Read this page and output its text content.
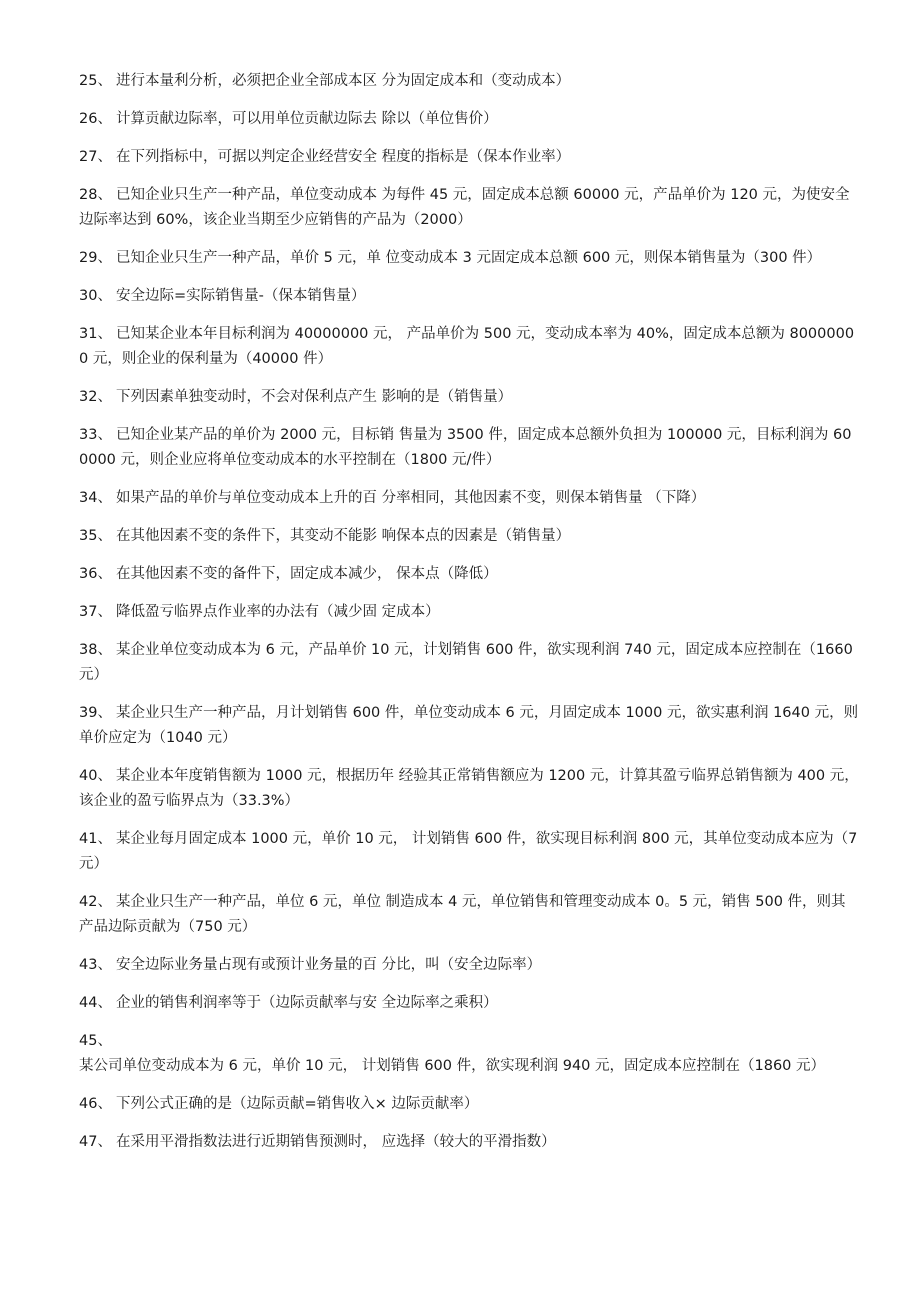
25、 进行本量利分析，必须把企业全部成本区 分为固定成本和（变动成本）

26、 计算贡献边际率，可以用单位贡献边际去 除以（单位售价）

27、 在下列指标中，可据以判定企业经营安全 程度的指标是（保本作业率）

28、 已知企业只生产一种产品，单位变动成本 为每件 45 元，固定成本总额 60000 元，产品单价为 120 元，为使安全边际率达到 60%，该企业当期至少应销售的产品为（2000）

29、 已知企业只生产一种产品，单价 5 元，单 位变动成本 3 元固定成本总额 600 元，则保本销售量为（300 件）

30、 安全边际=实际销售量-（保本销售量）

31、 已知某企业本年目标利润为 40000000 元， 产品单价为 500 元，变动成本率为 40%，固定成本总额为 80000000 元，则企业的保利量为（40000 件）

32、 下列因素单独变动时，不会对保利点产生 影响的是（销售量）

33、 已知企业某产品的单价为 2000 元，目标销 售量为 3500 件，固定成本总额外负担为 100000 元，目标利润为 600000 元，则企业应将单位变动成本的水平控制在（1800 元/件）

34、 如果产品的单价与单位变动成本上升的百 分率相同，其他因素不变，则保本销售量 （下降）

35、 在其他因素不变的条件下，其变动不能影 响保本点的因素是（销售量）

36、 在其他因素不变的备件下，固定成本减少， 保本点（降低）

37、 降低盈亏临界点作业率的办法有（减少固 定成本）

38、 某企业单位变动成本为 6 元，产品单价 10 元，计划销售 600 件，欲实现利润 740 元，固定成本应控制在（1660 元）

39、 某企业只生产一种产品，月计划销售 600 件，单位变动成本 6 元，月固定成本 1000 元，欲实惠利润 1640 元，则单价应定为（1040 元）

40、 某企业本年度销售额为 1000 元，根据历年 经验其正常销售额应为 1200 元，计算其盈亏临界总销售额为 400 元，该企业的盈亏临界点为（33.3%）

41、 某企业每月固定成本 1000 元，单价 10 元， 计划销售 600 件，欲实现目标利润 800 元，其单位变动成本应为（7 元）

42、 某企业只生产一种产品，单位 6 元，单位 制造成本 4 元，单位销售和管理变动成本 0。5 元，销售 500 件，则其产品边际贡献为（750 元）

43、 安全边际业务量占现有或预计业务量的百 分比，叫（安全边际率）

44、 企业的销售利润率等于（边际贡献率与安 全边际率之乘积）

45、某公司单位变动成本为 6 元，单价 10 元， 计划销售 600 件，欲实现利润 940 元，固定成本应控制在（1860 元）

46、 下列公式正确的是（边际贡献=销售收入× 边际贡献率）

47、 在采用平滑指数法进行近期销售预测时， 应选择（较大的平滑指数）
